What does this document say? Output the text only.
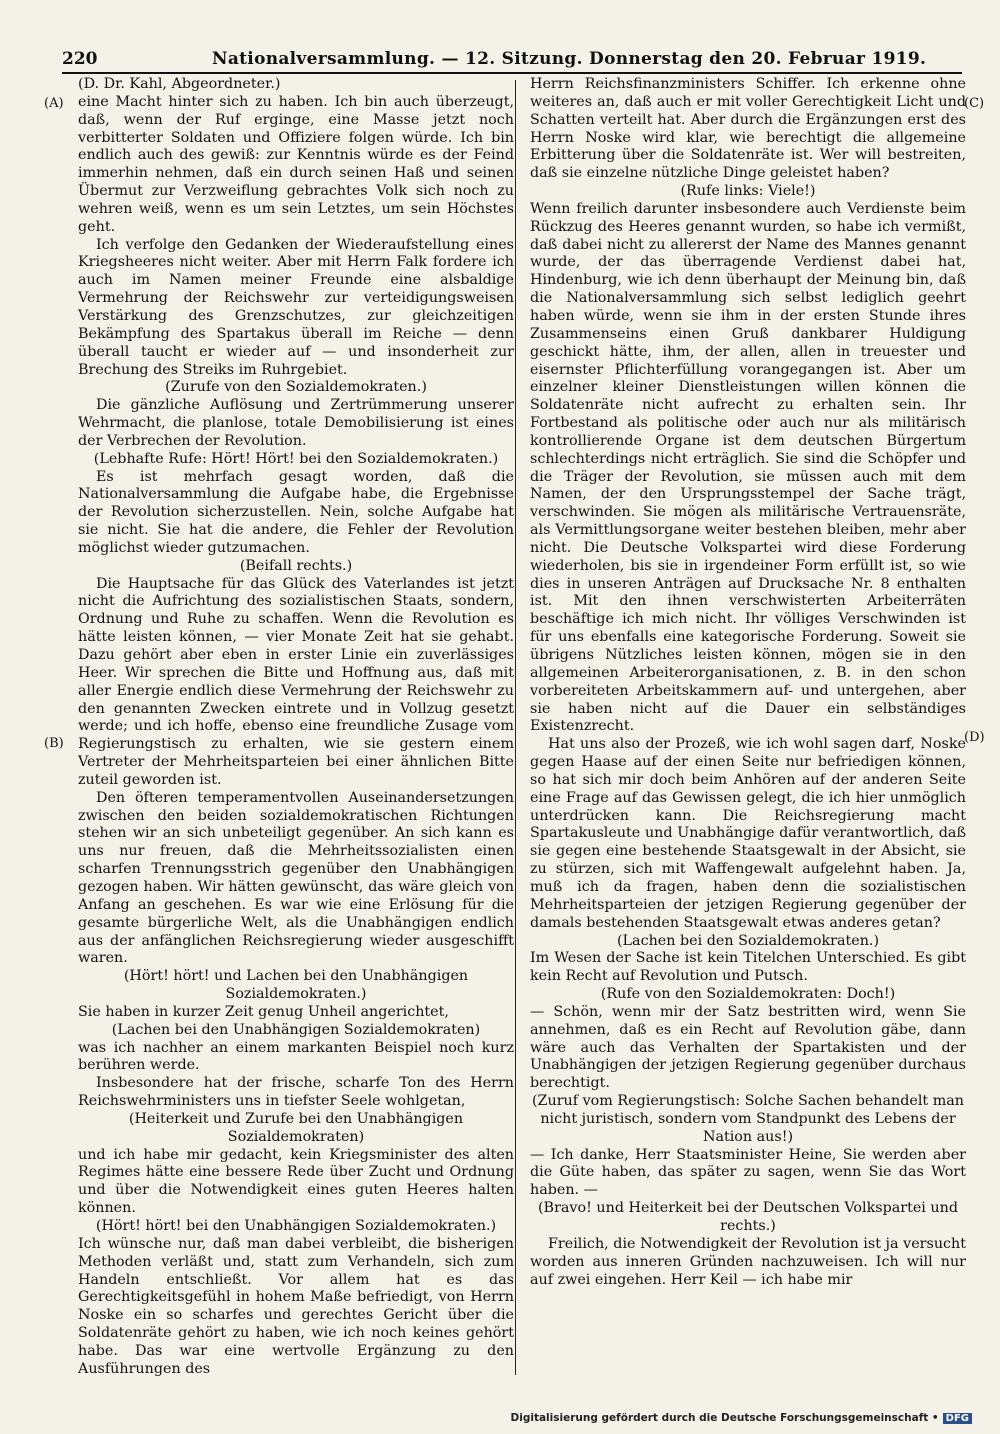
220	Nationalversammlung. — 12. Sitzung. Donnerstag den 20. Februar 1919.
(A)
(B)
(C)
(D)

(D. Dr. Kahl, Abgeordneter.)

eine Macht hinter sich zu haben. Ich bin auch überzeugt, daß, wenn der Ruf erginge, eine Masse jetzt noch verbitterter Soldaten und Offiziere folgen würde. Ich bin endlich auch des gewiß: zur Kenntnis würde es der Feind immerhin nehmen, daß ein durch seinen Haß und seinen Übermut zur Verzweiflung gebrachtes Volk sich noch zu wehren weiß, wenn es um sein Letztes, um sein Höchstes geht.

Ich verfolge den Gedanken der Wiederaufstellung eines Kriegsheeres nicht weiter. Aber mit Herrn Falk fordere ich auch im Namen meiner Freunde eine alsbaldige Vermehrung der Reichswehr zur verteidigungsweisen Verstärkung des Grenzschutzes, zur gleichzeitigen Bekämpfung des Spartakus überall im Reiche — denn überall taucht er wieder auf — und insonderheit zur Brechung des Streiks im Ruhrgebiet.

(Zurufe von den Sozialdemokraten.)

Die gänzliche Auflösung und Zertrümmerung unserer Wehrmacht, die planlose, totale Demobilisierung ist eines der Verbrechen der Revolution.

(Lebhafte Rufe: Hört! Hört! bei den Sozialdemokraten.)

Es ist mehrfach gesagt worden, daß die Nationalversammlung die Aufgabe habe, die Ergebnisse der Revolution sicherzustellen. Nein, solche Aufgabe hat sie nicht. Sie hat die andere, die Fehler der Revolution möglichst wieder gutzumachen.

(Beifall rechts.)

Die Hauptsache für das Glück des Vaterlandes ist jetzt nicht die Aufrichtung des sozialistischen Staats, sondern, Ordnung und Ruhe zu schaffen. Wenn die Revolution es hätte leisten können, — vier Monate Zeit hat sie gehabt. Dazu gehört aber eben in erster Linie ein zuverlässiges Heer. Wir sprechen die Bitte und Hoffnung aus, daß mit aller Energie endlich diese Vermehrung der Reichswehr zu den genannten Zwecken eintrete und in Vollzug gesetzt werde; und ich hoffe, ebenso eine freundliche Zusage vom Regierungstisch zu erhalten, wie sie gestern einem Vertreter der Mehrheitsparteien bei einer ähnlichen Bitte zuteil geworden ist.

Den öfteren temperamentvollen Auseinandersetzungen zwischen den beiden sozialdemokratischen Richtungen stehen wir an sich unbeteiligt gegenüber. An sich kann es uns nur freuen, daß die Mehrheitssozialisten einen scharfen Trennungsstrich gegenüber den Unabhängigen gezogen haben. Wir hätten gewünscht, das wäre gleich von Anfang an geschehen. Es war wie eine Erlösung für die gesamte bürgerliche Welt, als die Unabhängigen endlich aus der anfänglichen Reichsregierung wieder ausgeschifft waren.

(Hört! hört! und Lachen bei den Unabhängigen Sozialdemokraten.)

Sie haben in kurzer Zeit genug Unheil angerichtet,

(Lachen bei den Unabhängigen Sozialdemokraten)

was ich nachher an einem markanten Beispiel noch kurz berühren werde.

Insbesondere hat der frische, scharfe Ton des Herrn Reichswehrministers uns in tiefster Seele wohlgetan,

(Heiterkeit und Zurufe bei den Unabhängigen Sozialdemokraten)

und ich habe mir gedacht, kein Kriegsminister des alten Regimes hätte eine bessere Rede über Zucht und Ordnung und über die Notwendigkeit eines guten Heeres halten können.

(Hört! hört! bei den Unabhängigen Sozialdemokraten.)

Ich wünsche nur, daß man dabei verbleibt, die bisherigen Methoden verläßt und, statt zum Verhandeln, sich zum Handeln entschließt. Vor allem hat es das Gerechtigkeitsgefühl in hohem Maße befriedigt, von Herrn Noske ein so scharfes und gerechtes Gericht über die Soldatenräte gehört zu haben, wie ich noch keines gehört habe. Das war eine wertvolle Ergänzung zu den Ausführungen des

Herrn Reichsfinanzministers Schiffer. Ich erkenne ohne weiteres an, daß auch er mit voller Gerechtigkeit Licht und Schatten verteilt hat. Aber durch die Ergänzungen erst des Herrn Noske wird klar, wie berechtigt die allgemeine Erbitterung über die Soldatenräte ist. Wer will bestreiten, daß sie einzelne nützliche Dinge geleistet haben?

(Rufe links: Viele!)

Wenn freilich darunter insbesondere auch Verdienste beim Rückzug des Heeres genannt wurden, so habe ich vermißt, daß dabei nicht zu allererst der Name des Mannes genannt wurde, der das überragende Verdienst dabei hat, Hindenburg, wie ich denn überhaupt der Meinung bin, daß die Nationalversammlung sich selbst lediglich geehrt haben würde, wenn sie ihm in der ersten Stunde ihres Zusammenseins einen Gruß dankbarer Huldigung geschickt hätte, ihm, der allen, allen in treuester und eisernster Pflichterfüllung vorangegangen ist. Aber um einzelner kleiner Dienstleistungen willen können die Soldatenräte nicht aufrecht zu erhalten sein. Ihr Fortbestand als politische oder auch nur als militärisch kontrollierende Organe ist dem deutschen Bürgertum schlechterdings nicht erträglich. Sie sind die Schöpfer und die Träger der Revolution, sie müssen auch mit dem Namen, der den Ursprungsstempel der Sache trägt, verschwinden. Sie mögen als militärische Vertrauensräte, als Vermittlungsorgane weiter bestehen bleiben, mehr aber nicht. Die Deutsche Volkspartei wird diese Forderung wiederholen, bis sie in irgendeiner Form erfüllt ist, so wie dies in unseren Anträgen auf Drucksache Nr. 8 enthalten ist. Mit den ihnen verschwisterten Arbeiterräten beschäftige ich mich nicht. Ihr völliges Verschwinden ist für uns ebenfalls eine kategorische Forderung. Soweit sie übrigens Nützliches leisten können, mögen sie in den allgemeinen Arbeiterorganisationen, z. B. in den schon vorbereiteten Arbeitskammern auf- und untergehen, aber sie haben nicht auf die Dauer ein selbständiges Existenzrecht.

Hat uns also der Prozeß, wie ich wohl sagen darf, Noske gegen Haase auf der einen Seite nur befriedigen können, so hat sich mir doch beim Anhören auf der anderen Seite eine Frage auf das Gewissen gelegt, die ich hier unmöglich unterdrücken kann. Die Reichsregierung macht Spartakusleute und Unabhängige dafür verantwortlich, daß sie gegen eine bestehende Staatsgewalt in der Absicht, sie zu stürzen, sich mit Waffengewalt aufgelehnt haben. Ja, muß ich da fragen, haben denn die sozialistischen Mehrheitsparteien der jetzigen Regierung gegenüber der damals bestehenden Staatsgewalt etwas anderes getan?

(Lachen bei den Sozialdemokraten.)

Im Wesen der Sache ist kein Titelchen Unterschied. Es gibt kein Recht auf Revolution und Putsch.

(Rufe von den Sozialdemokraten: Doch!)

— Schön, wenn mir der Satz bestritten wird, wenn Sie annehmen, daß es ein Recht auf Revolution gäbe, dann wäre auch das Verhalten der Spartakisten und der Unabhängigen der jetzigen Regierung gegenüber durchaus berechtigt.

(Zuruf vom Regierungstisch: Solche Sachen behandelt man nicht juristisch, sondern vom Standpunkt des Lebens der Nation aus!)

— Ich danke, Herr Staatsminister Heine, Sie werden aber die Güte haben, das später zu sagen, wenn Sie das Wort haben. —

(Bravo! und Heiterkeit bei der Deutschen Volkspartei und rechts.)

Freilich, die Notwendigkeit der Revolution ist ja versucht worden aus inneren Gründen nachzuweisen. Ich will nur auf zwei eingehen. Herr Keil — ich habe mir

Digitalisierung gefördert durch die Deutsche Forschungsgemeinschaft • DFG
